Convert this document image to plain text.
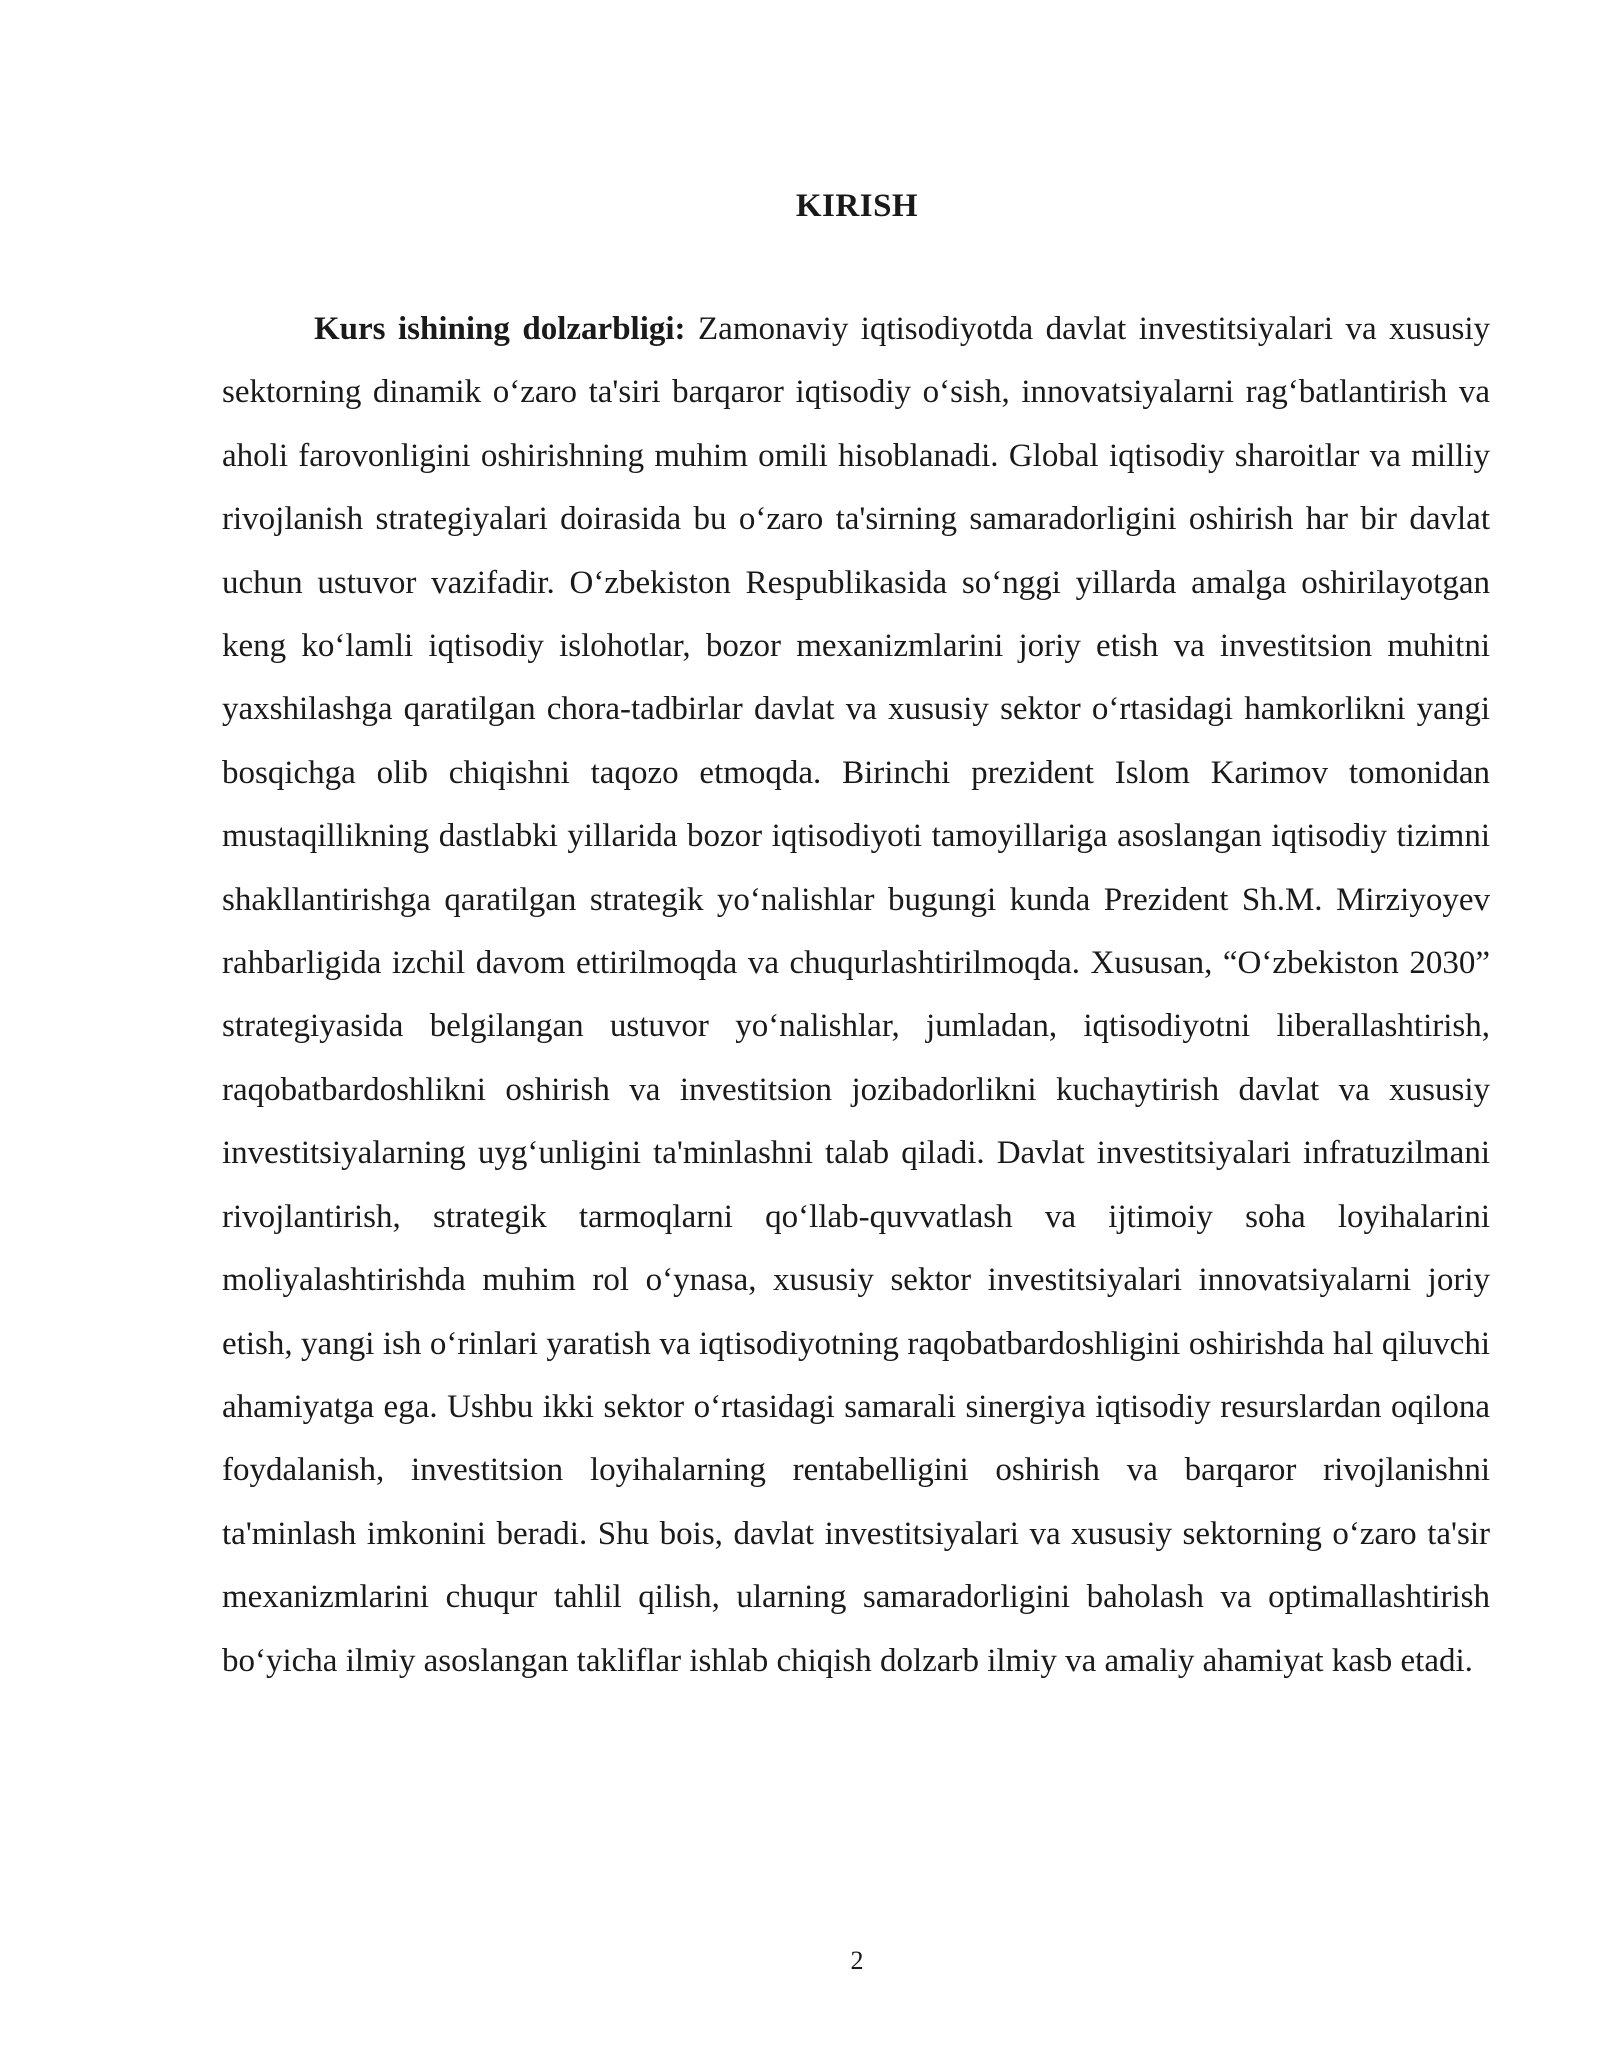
KIRISH

Kurs ishining dolzarbligi: Zamonaviy iqtisodiyotda davlat investitsiyalari va xususiy sektorning dinamik o‘zaro ta'siri barqaror iqtisodiy o‘sish, innovatsiyalarni rag‘batlantirish va aholi farovonligini oshirishning muhim omili hisoblanadi. Global iqtisodiy sharoitlar va milliy rivojlanish strategiyalari doirasida bu o‘zaro ta'sirning samaradorligini oshirish har bir davlat uchun ustuvor vazifadir. O‘zbekiston Respublikasida so‘nggi yillarda amalga oshirilayotgan keng ko‘lamli iqtisodiy islohotlar, bozor mexanizmlarini joriy etish va investitsion muhitni yaxshilashga qaratilgan chora-tadbirlar davlat va xususiy sektor o‘rtasidagi hamkorlikni yangi bosqichga olib chiqishni taqozo etmoqda. Birinchi prezident Islom Karimov tomonidan mustaqillikning dastlabki yillarida bozor iqtisodiyoti tamoyillariga asoslangan iqtisodiy tizimni shakllantirishga qaratilgan strategik yo‘nalishlar bugungi kunda Prezident Sh.M. Mirziyoyev rahbarligida izchil davom ettirilmoqda va chuqurlashtirilmoqda. Xususan, “O‘zbekiston 2030” strategiyasida belgilangan ustuvor yo‘nalishlar, jumladan, iqtisodiyotni liberallashtirish, raqobatbardoshlikni oshirish va investitsion jozibadorlikni kuchaytirish davlat va xususiy investitsiyalarning uyg‘unligini ta'minlashni talab qiladi. Davlat investitsiyalari infratuzilmani rivojlantirish, strategik tarmoqlarni qo‘llab-quvvatlash va ijtimoiy soha loyihalarini moliyalashtirishda muhim rol o‘ynasa, xususiy sektor investitsiyalari innovatsiyalarni joriy etish, yangi ish o‘rinlari yaratish va iqtisodiyotning raqobatbardoshligini oshirishda hal qiluvchi ahamiyatga ega. Ushbu ikki sektor o‘rtasidagi samarali sinergiya iqtisodiy resurslardan oqilona foydalanish, investitsion loyihalarning rentabelligini oshirish va barqaror rivojlanishni ta'minlash imkonini beradi. Shu bois, davlat investitsiyalari va xususiy sektorning o‘zaro ta'sir mexanizmlarini chuqur tahlil qilish, ularning samaradorligini baholash va optimallashtirish bo‘yicha ilmiy asoslangan takliflar ishlab chiqish dolzarb ilmiy va amaliy ahamiyat kasb etadi.

2
